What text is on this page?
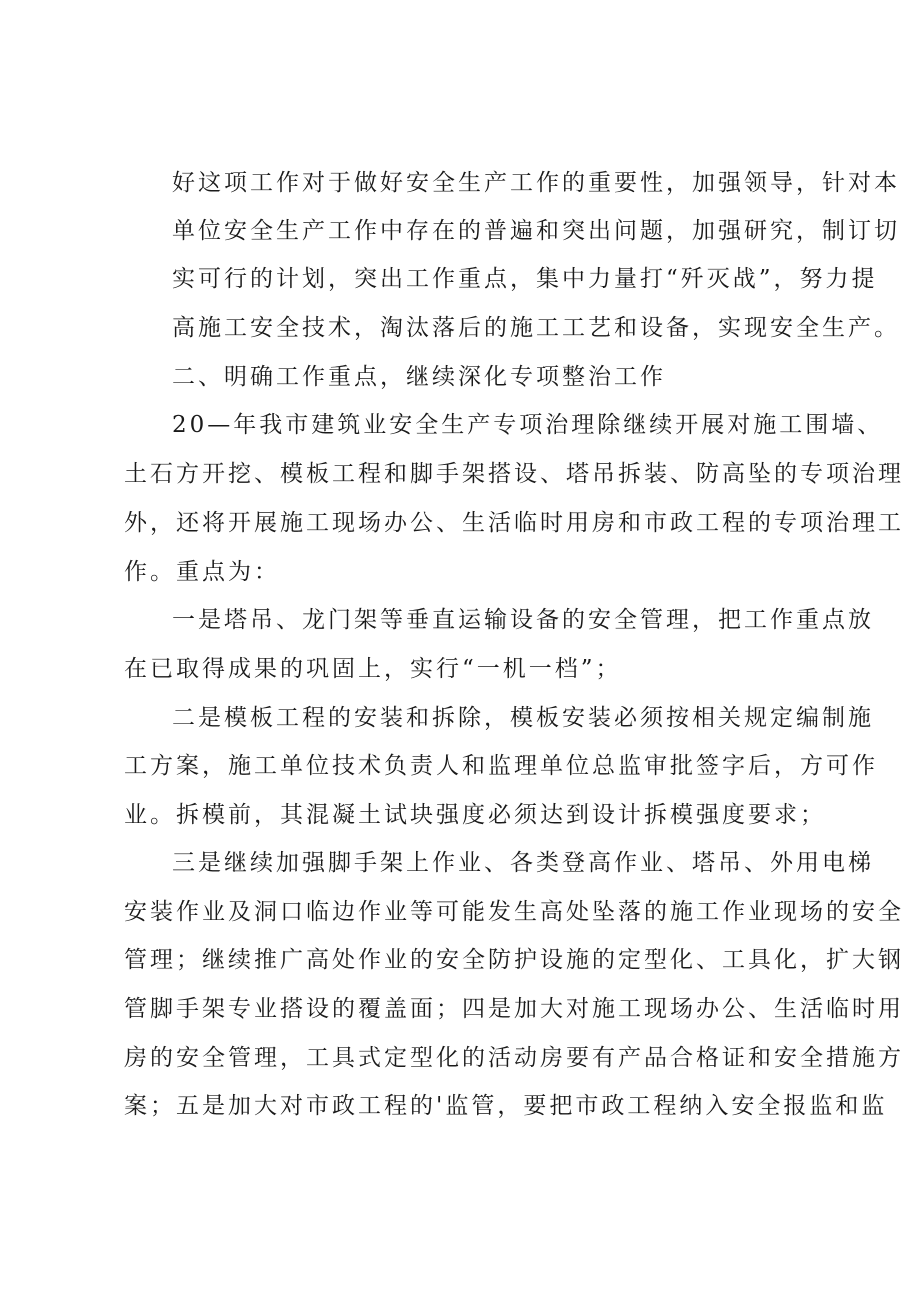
好这项工作对于做好安全生产工作的重要性，加强领导，针对本
单位安全生产工作中存在的普遍和突出问题，加强研究，制订切
实可行的计划，突出工作重点，集中力量打“歼灭战”，努力提
高施工安全技术，淘汰落后的施工工艺和设备，实现安全生产。
二、明确工作重点，继续深化专项整治工作
20—年我市建筑业安全生产专项治理除继续开展对施工围墙、
土石方开挖、模板工程和脚手架搭设、塔吊拆装、防高坠的专项治理
外，还将开展施工现场办公、生活临时用房和市政工程的专项治理工
作。重点为：
一是塔吊、龙门架等垂直运输设备的安全管理，把工作重点放
在已取得成果的巩固上，实行“一机一档”；
二是模板工程的安装和拆除，模板安装必须按相关规定编制施
工方案，施工单位技术负责人和监理单位总监审批签字后，方可作
业。拆模前，其混凝土试块强度必须达到设计拆模强度要求；
三是继续加强脚手架上作业、各类登高作业、塔吊、外用电梯
安装作业及洞口临边作业等可能发生高处坠落的施工作业现场的安全
管理；继续推广高处作业的安全防护设施的定型化、工具化，扩大钢
管脚手架专业搭设的覆盖面；四是加大对施工现场办公、生活临时用
房的安全管理，工具式定型化的活动房要有产品合格证和安全措施方
案；五是加大对市政工程的'监管，要把市政工程纳入安全报监和监
